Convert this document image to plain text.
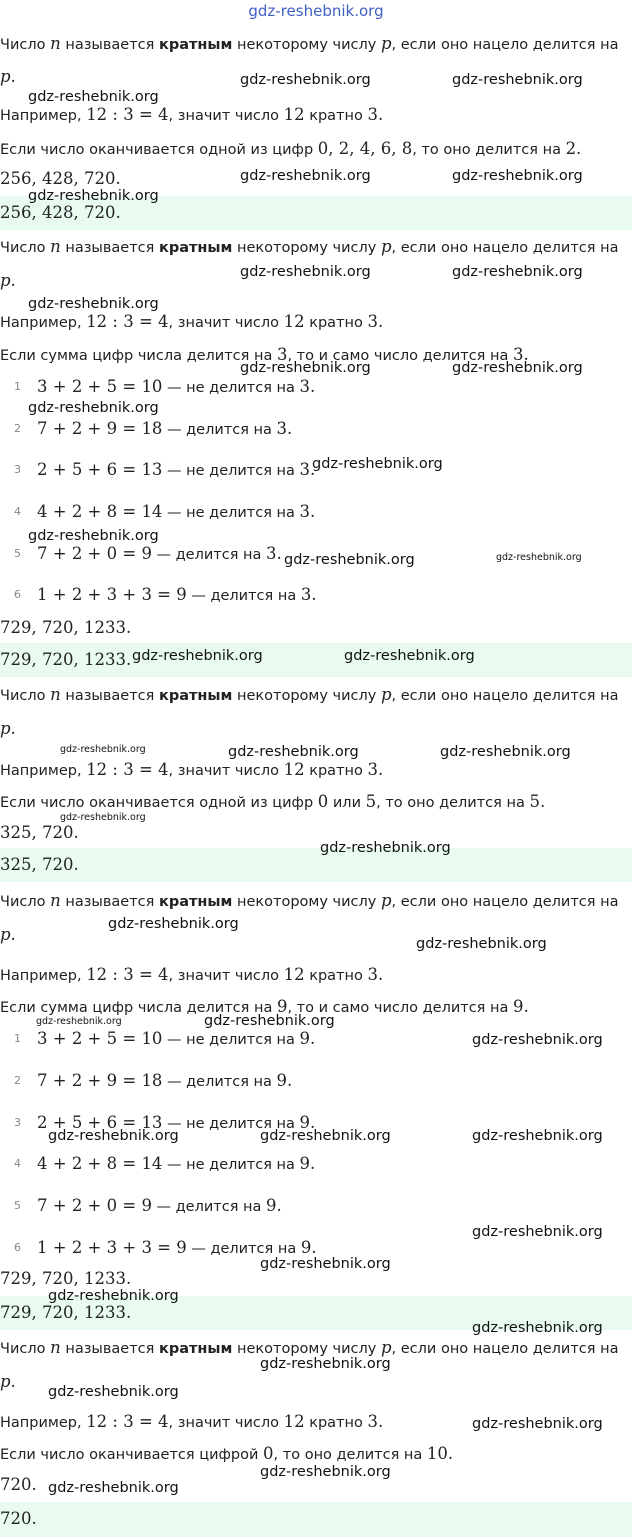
gdz-reshebnik.org
Число n называется кратным некоторому числу p, если оно нацело делится на
p.
Например, 12 : 3 = 4, значит число 12 кратно 3.
Если число оканчивается одной из цифр 0, 2, 4, 6, 8, то оно делится на 2.
256, 428, 720.
256, 428, 720.
Число n называется кратным некоторому числу p, если оно нацело делится на
p.
Например, 12 : 3 = 4, значит число 12 кратно 3.
Если сумма цифр числа делится на 3, то и само число делится на 3.
1 3 + 2 + 5 = 10 — не делится на 3.
2 7 + 2 + 9 = 18 — делится на 3.
3 2 + 5 + 6 = 13 — не делится на 3.
4 4 + 2 + 8 = 14 — не делится на 3.
5 7 + 2 + 0 = 9 — делится на 3.
6 1 + 2 + 3 + 3 = 9 — делится на 3.
729, 720, 1233.
729, 720, 1233.
Число n называется кратным некоторому числу p, если оно нацело делится на
p.
Например, 12 : 3 = 4, значит число 12 кратно 3.
Если число оканчивается одной из цифр 0 или 5, то оно делится на 5.
325, 720.
325, 720.
Число n называется кратным некоторому числу p, если оно нацело делится на
p.
Например, 12 : 3 = 4, значит число 12 кратно 3.
Если сумма цифр числа делится на 9, то и само число делится на 9.
1 3 + 2 + 5 = 10 — не делится на 9.
2 7 + 2 + 9 = 18 — делится на 9.
3 2 + 5 + 6 = 13 — не делится на 9.
4 4 + 2 + 8 = 14 — не делится на 9.
5 7 + 2 + 0 = 9 — делится на 9.
6 1 + 2 + 3 + 3 = 9 — делится на 9.
729, 720, 1233.
729, 720, 1233.
Число n называется кратным некоторому числу p, если оно нацело делится на
p.
Например, 12 : 3 = 4, значит число 12 кратно 3.
Если число оканчивается цифрой 0, то оно делится на 10.
720.
720.
gdz-reshebnik.org	gdz-reshebnik.org
gdz-reshebnik.org
gdz-reshebnik.org	gdz-reshebnik.org
gdz-reshebnik.org
gdz-reshebnik.org	gdz-reshebnik.org
gdz-reshebnik.org
gdz-reshebnik.org	gdz-reshebnik.org
gdz-reshebnik.org
gdz-reshebnik.org
gdz-reshebnik.org
gdz-reshebnik.org	gdz-reshebnik.org
gdz-reshebnik.org	gdz-reshebnik.org
gdz-reshebnik.org	gdz-reshebnik.org	gdz-reshebnik.org
gdz-reshebnik.org
gdz-reshebnik.org
gdz-reshebnik.org
gdz-reshebnik.org
gdz-reshebnik.org	gdz-reshebnik.org
gdz-reshebnik.org
gdz-reshebnik.org	gdz-reshebnik.org	gdz-reshebnik.org
gdz-reshebnik.org
gdz-reshebnik.org
gdz-reshebnik.org
gdz-reshebnik.org
gdz-reshebnik.org
gdz-reshebnik.org
gdz-reshebnik.org
gdz-reshebnik.org
gdz-reshebnik.org
